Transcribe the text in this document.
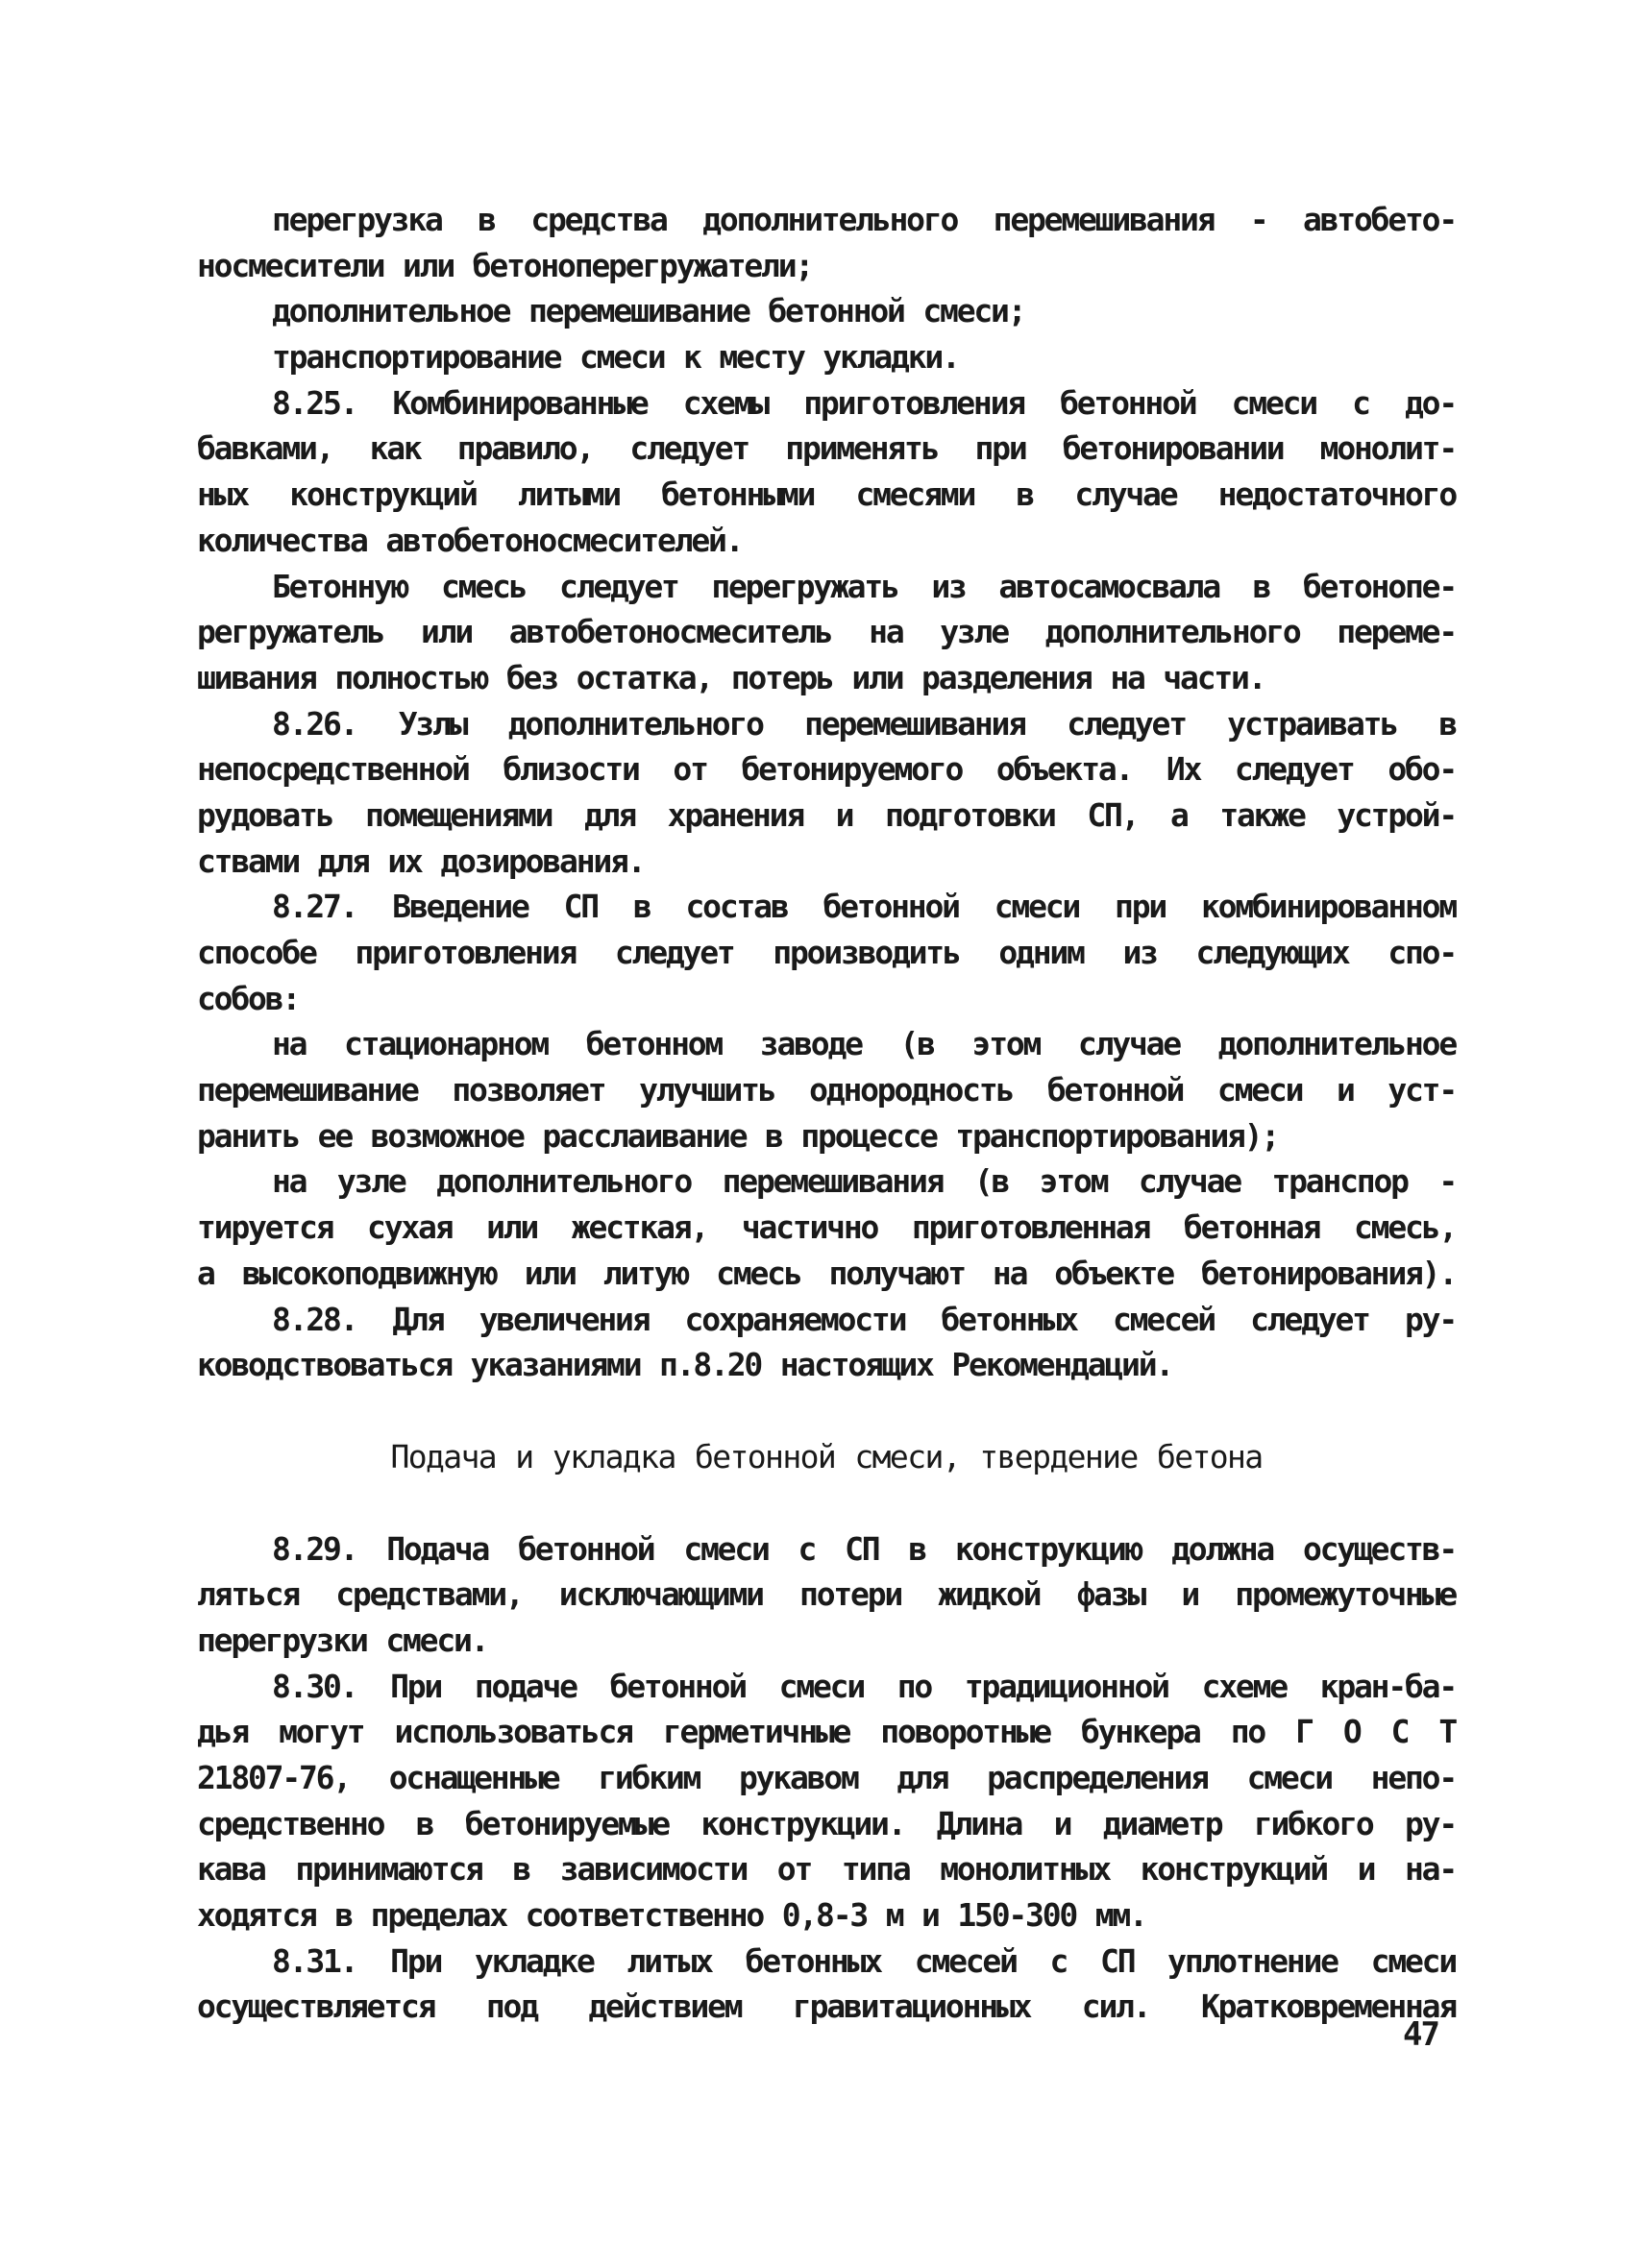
перегрузка в средства дополнительного перемешивания - автобето-
носмесители или бетоноперегружатели;
дополнительное перемешивание бетонной смеси;
транспортирование смеси к месту укладки.
8.25. Комбинированные схемы приготовления бетонной смеси с до-
бавками, как правило, следует применять при бетонировании монолит-
ных конструкций литыми бетонными смесями в случае недостаточного
количества автобетоносмесителей.
Бетонную смесь следует перегружать из автосамосвала в бетонопе-
регружатель или автобетоносмеситель на узле дополнительного переме-
шивания полностью без остатка, потерь или разделения на части.
8.26. Узлы дополнительного перемешивания следует устраивать в
непосредственной близости от бетонируемого объекта. Их следует обо-
рудовать помещениями для хранения и подготовки СП, а также устрой-
ствами для их дозирования.
8.27. Введение СП в состав бетонной смеси при комбинированном
способе приготовления следует производить одним из следующих спо-
собов:
на стационарном бетонном заводе (в этом случае дополнительное
перемешивание позволяет улучшить однородность бетонной смеси и уст-
ранить ее возможное расслаивание в процессе транспортирования);
на узле дополнительного перемешивания (в этом случае транспор -
тируется сухая или жесткая, частично приготовленная бетонная смесь,
а высокоподвижную или литую смесь получают на объекте бетонирования).
8.28. Для увеличения сохраняемости бетонных смесей следует ру-
ководствоваться указаниями п.8.20 настоящих Рекомендаций.
Подача и укладка бетонной смеси, твердение бетона
8.29. Подача бетонной смеси с СП в конструкцию должна осуществ-
ляться средствами, исключающими потери жидкой фазы и промежуточные
перегрузки смеси.
8.30. При подаче бетонной смеси по традиционной схеме кран-ба-
дья могут использоваться герметичные поворотные бункера по Г О С Т
21807-76, оснащенные гибким рукавом для распределения смеси непо-
средственно в бетонируемые конструкции. Длина и диаметр гибкого ру-
кава принимаются в зависимости от типа монолитных конструкций и на-
ходятся в пределах соответственно 0,8-3 м и 150-300 мм.
8.31. При укладке литых бетонных смесей с СП уплотнение смеси
осуществляется под действием гравитационных сил. Кратковременная
47
